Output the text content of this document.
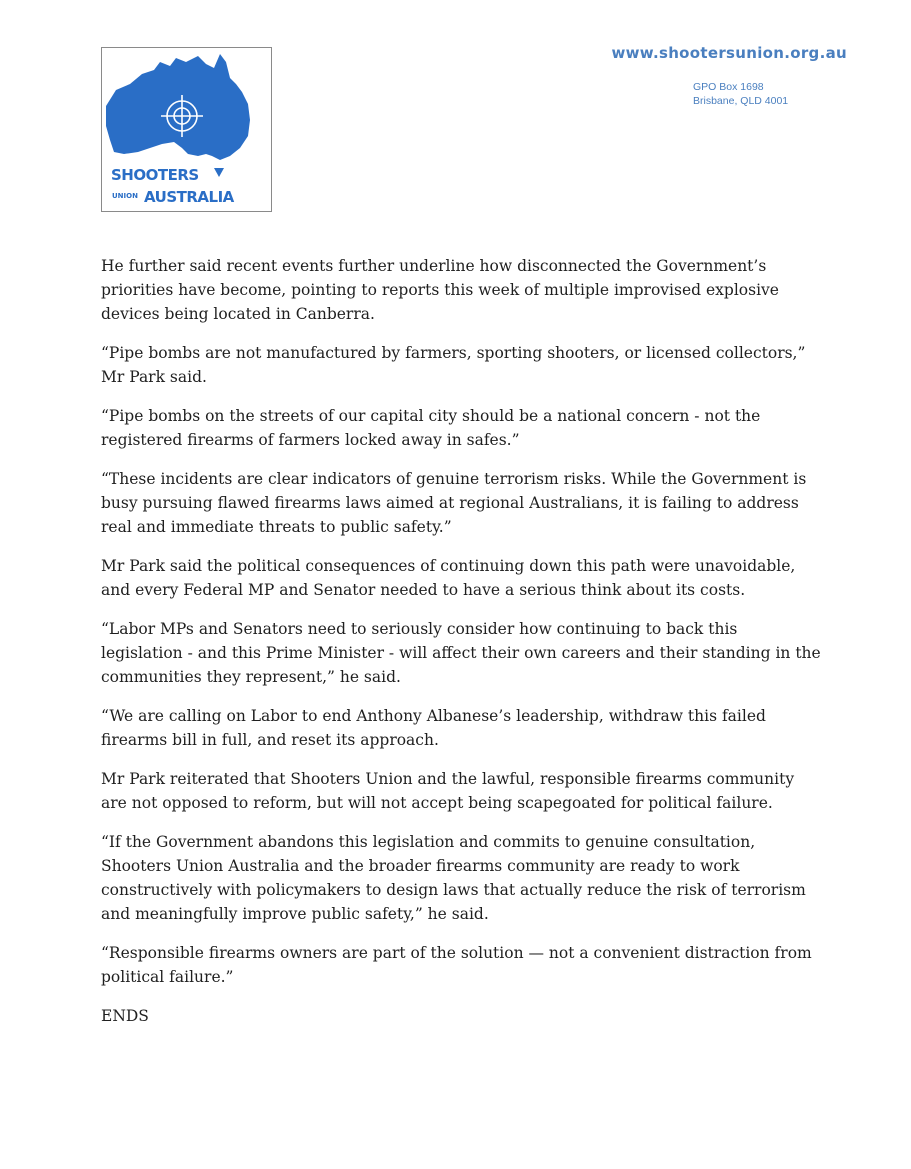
SHOOTERS
UNION AUSTRALIA
www.shootersunion.org.au
GPO Box 1698
Brisbane, QLD 4001

He further said recent events further underline how disconnected the Government’s priorities have become, pointing to reports this week of multiple improvised explosive devices being located in Canberra.

“Pipe bombs are not manufactured by farmers, sporting shooters, or licensed collectors,” Mr Park said.

“Pipe bombs on the streets of our capital city should be a national concern - not the registered firearms of farmers locked away in safes.”

“These incidents are clear indicators of genuine terrorism risks. While the Government is busy pursuing flawed firearms laws aimed at regional Australians, it is failing to address real and immediate threats to public safety.”

Mr Park said the political consequences of continuing down this path were unavoidable, and every Federal MP and Senator needed to have a serious think about its costs.

“Labor MPs and Senators need to seriously consider how continuing to back this legislation - and this Prime Minister - will affect their own careers and their standing in the communities they represent,” he said.

“We are calling on Labor to end Anthony Albanese’s leadership, withdraw this failed firearms bill in full, and reset its approach.

Mr Park reiterated that Shooters Union and the lawful, responsible firearms community are not opposed to reform, but will not accept being scapegoated for political failure.

“If the Government abandons this legislation and commits to genuine consultation, Shooters Union Australia and the broader firearms community are ready to work constructively with policymakers to design laws that actually reduce the risk of terrorism and meaningfully improve public safety,” he said.

“Responsible firearms owners are part of the solution — not a convenient distraction from political failure.”

ENDS
